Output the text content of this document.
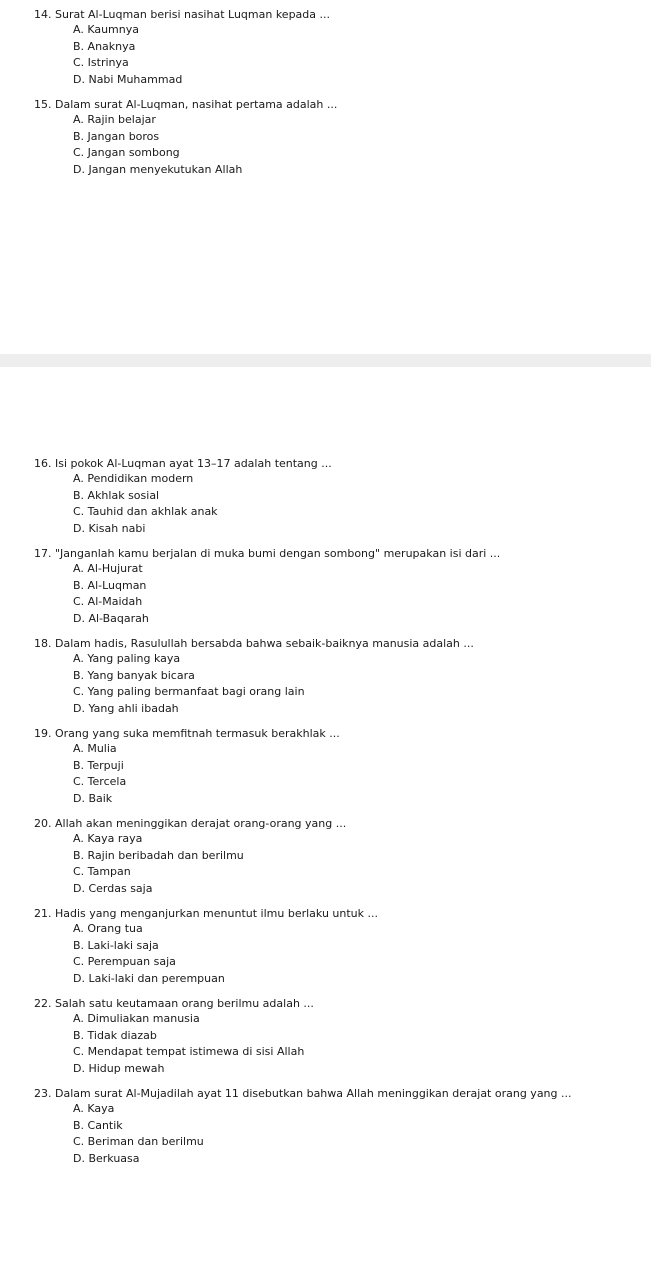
14. Surat Al-Luqman berisi nasihat Luqman kepada ...
A. Kaumnya
B. Anaknya
C. Istrinya
D. Nabi Muhammad
15. Dalam surat Al-Luqman, nasihat pertama adalah ...
A. Rajin belajar
B. Jangan boros
C. Jangan sombong
D. Jangan menyekutukan Allah
16. Isi pokok Al-Luqman ayat 13–17 adalah tentang ...
A. Pendidikan modern
B. Akhlak sosial
C. Tauhid dan akhlak anak
D. Kisah nabi
17. "Janganlah kamu berjalan di muka bumi dengan sombong" merupakan isi dari ...
A. Al-Hujurat
B. Al-Luqman
C. Al-Maidah
D. Al-Baqarah
18. Dalam hadis, Rasulullah bersabda bahwa sebaik-baiknya manusia adalah ...
A. Yang paling kaya
B. Yang banyak bicara
C. Yang paling bermanfaat bagi orang lain
D. Yang ahli ibadah
19. Orang yang suka memfitnah termasuk berakhlak ...
A. Mulia
B. Terpuji
C. Tercela
D. Baik
20. Allah akan meninggikan derajat orang-orang yang ...
A. Kaya raya
B. Rajin beribadah dan berilmu
C. Tampan
D. Cerdas saja
21. Hadis yang menganjurkan menuntut ilmu berlaku untuk ...
A. Orang tua
B. Laki-laki saja
C. Perempuan saja
D. Laki-laki dan perempuan
22. Salah satu keutamaan orang berilmu adalah ...
A. Dimuliakan manusia
B. Tidak diazab
C. Mendapat tempat istimewa di sisi Allah
D. Hidup mewah
23. Dalam surat Al-Mujadilah ayat 11 disebutkan bahwa Allah meninggikan derajat orang yang ...
A. Kaya
B. Cantik
C. Beriman dan berilmu
D. Berkuasa
